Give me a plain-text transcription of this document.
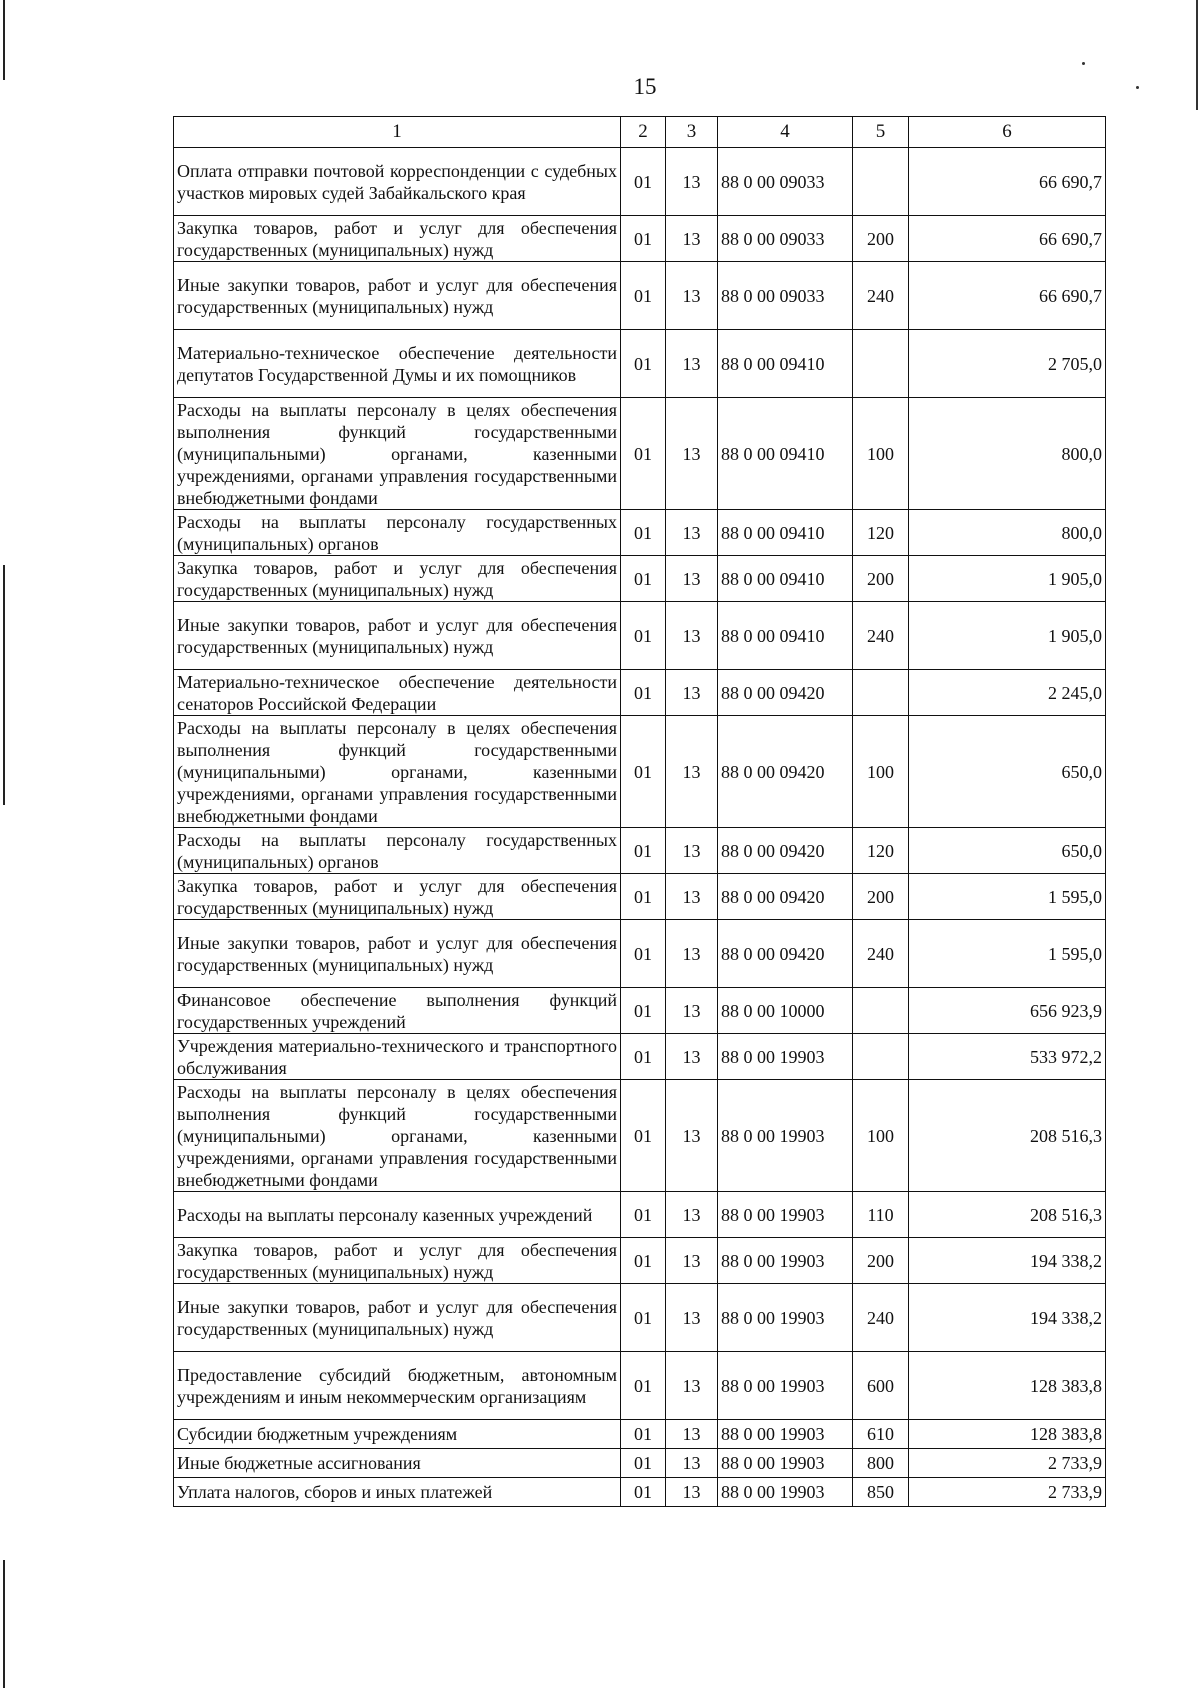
15
1	2	3	4	5	6
Оплата отправки почтовой корреспонденции с судебных участков мировых судей Забайкальского края	01	13	88 0 00 09033		66 690,7
Закупка товаров, работ и услуг для обеспечения государственных (муниципальных) нужд	01	13	88 0 00 09033	200	66 690,7
Иные закупки товаров, работ и услуг для обеспечения государственных (муниципальных) нужд	01	13	88 0 00 09033	240	66 690,7
Материально-техническое обеспечение деятельности депутатов Государственной Думы и их помощников	01	13	88 0 00 09410		2 705,0
Расходы на выплаты персоналу в целях обеспечения выполнения функций государственными (муниципальными) органами, казенными учреждениями, органами управления государственными внебюджетными фондами	01	13	88 0 00 09410	100	800,0
Расходы на выплаты персоналу государственных (муниципальных) органов	01	13	88 0 00 09410	120	800,0
Закупка товаров, работ и услуг для обеспечения государственных (муниципальных) нужд	01	13	88 0 00 09410	200	1 905,0
Иные закупки товаров, работ и услуг для обеспечения государственных (муниципальных) нужд	01	13	88 0 00 09410	240	1 905,0
Материально-техническое обеспечение деятельности сенаторов Российской Федерации	01	13	88 0 00 09420		2 245,0
Расходы на выплаты персоналу в целях обеспечения выполнения функций государственными (муниципальными) органами, казенными учреждениями, органами управления государственными внебюджетными фондами	01	13	88 0 00 09420	100	650,0
Расходы на выплаты персоналу государственных (муниципальных) органов	01	13	88 0 00 09420	120	650,0
Закупка товаров, работ и услуг для обеспечения государственных (муниципальных) нужд	01	13	88 0 00 09420	200	1 595,0
Иные закупки товаров, работ и услуг для обеспечения государственных (муниципальных) нужд	01	13	88 0 00 09420	240	1 595,0
Финансовое обеспечение выполнения функций государственных учреждений	01	13	88 0 00 10000		656 923,9
Учреждения материально-технического и транспортного обслуживания	01	13	88 0 00 19903		533 972,2
Расходы на выплаты персоналу в целях обеспечения выполнения функций государственными (муниципальными) органами, казенными учреждениями, органами управления государственными внебюджетными фондами	01	13	88 0 00 19903	100	208 516,3
Расходы на выплаты персоналу казенных учреждений	01	13	88 0 00 19903	110	208 516,3
Закупка товаров, работ и услуг для обеспечения государственных (муниципальных) нужд	01	13	88 0 00 19903	200	194 338,2
Иные закупки товаров, работ и услуг для обеспечения государственных (муниципальных) нужд	01	13	88 0 00 19903	240	194 338,2
Предоставление субсидий бюджетным, автономным учреждениям и иным некоммерческим организациям	01	13	88 0 00 19903	600	128 383,8
Субсидии бюджетным учреждениям	01	13	88 0 00 19903	610	128 383,8
Иные бюджетные ассигнования	01	13	88 0 00 19903	800	2 733,9
Уплата налогов, сборов и иных платежей	01	13	88 0 00 19903	850	2 733,9
